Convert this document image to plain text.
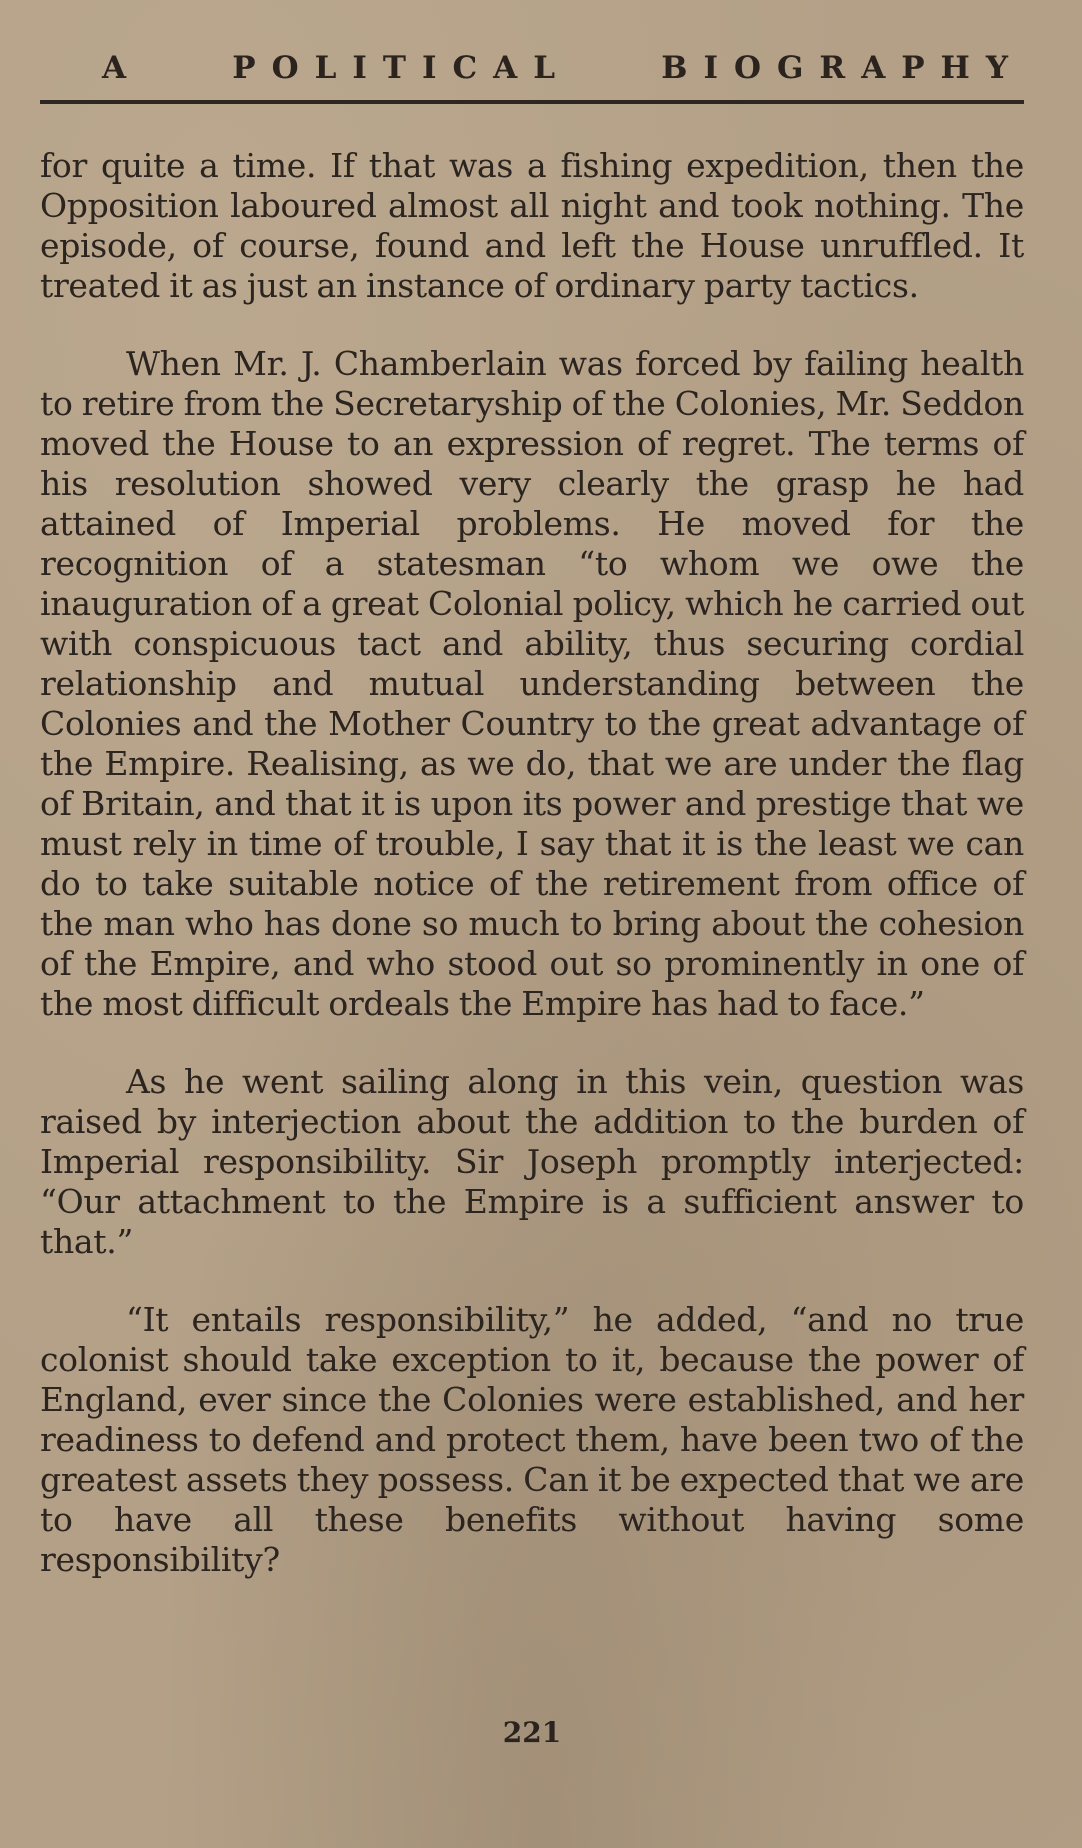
A	POLITICAL	BIOGRAPHY

for quite a time. If that was a fishing expedition, then the Opposition laboured almost all night and took nothing. The episode, of course, found and left the House unruffled. It treated it as just an instance of ordinary party tactics.

When Mr. J. Chamberlain was forced by failing health to retire from the Secretaryship of the Colonies, Mr. Seddon moved the House to an expression of regret. The terms of his resolution showed very clearly the grasp he had attained of Imperial problems. He moved for the recognition of a statesman “to whom we owe the inauguration of a great Colonial policy, which he carried out with conspicuous tact and ability, thus securing cordial relationship and mutual understanding between the Colonies and the Mother Country to the great advantage of the Empire. Realising, as we do, that we are under the flag of Britain, and that it is upon its power and prestige that we must rely in time of trouble, I say that it is the least we can do to take suitable notice of the retirement from office of the man who has done so much to bring about the cohesion of the Empire, and who stood out so prominently in one of the most difficult ordeals the Empire has had to face.”

As he went sailing along in this vein, question was raised by interjection about the addition to the burden of Imperial responsibility. Sir Joseph promptly interjected: “Our attachment to the Empire is a sufficient answer to that.”

“It entails responsibility,” he added, “and no true colonist should take exception to it, because the power of England, ever since the Colonies were established, and her readiness to defend and protect them, have been two of the greatest assets they possess. Can it be expected that we are to have all these benefits without having some responsibility?

221
